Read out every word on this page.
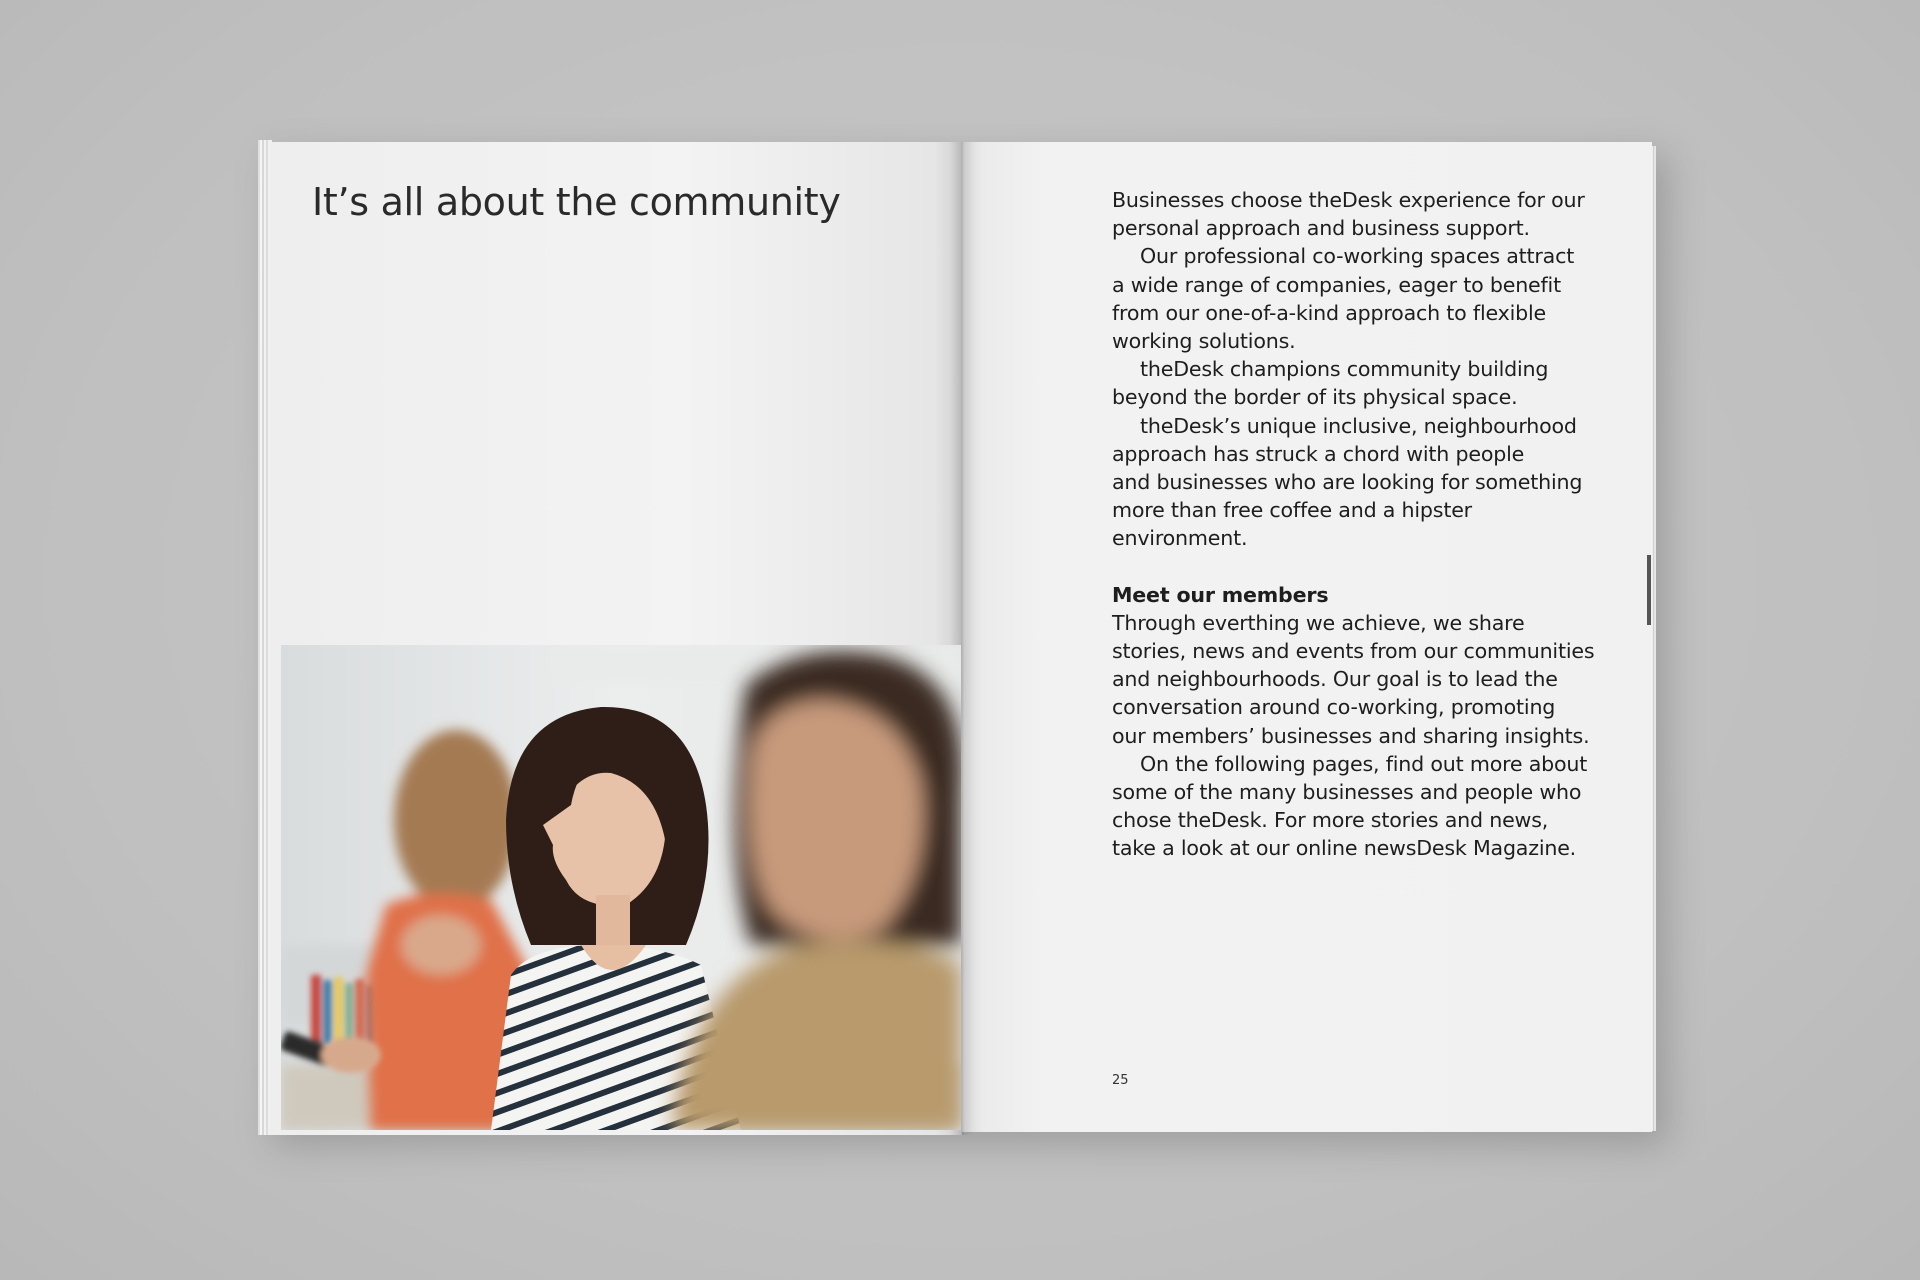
It’s all about the community	Businesses choose theDesk experience for our

personal approach and business support.

Our professional co-working spaces attract

a wide range of companies, eager to benefit

from our one-of-a-kind approach to flexible

working solutions.

theDesk champions community building

beyond the border of its physical space.

theDesk’s unique inclusive, neighbourhood

approach has struck a chord with people

and businesses who are looking for something

more than free coffee and a hipster

environment.

Meet our members

Through everthing we achieve, we share

stories, news and events from our communities

and neighbourhoods. Our goal is to lead the

conversation around co-working, promoting

our members’ businesses and sharing insights.

On the following pages, find out more about

some of the many businesses and people who

chose theDesk. For more stories and news,

take a look at our online newsDesk Magazine.

25
